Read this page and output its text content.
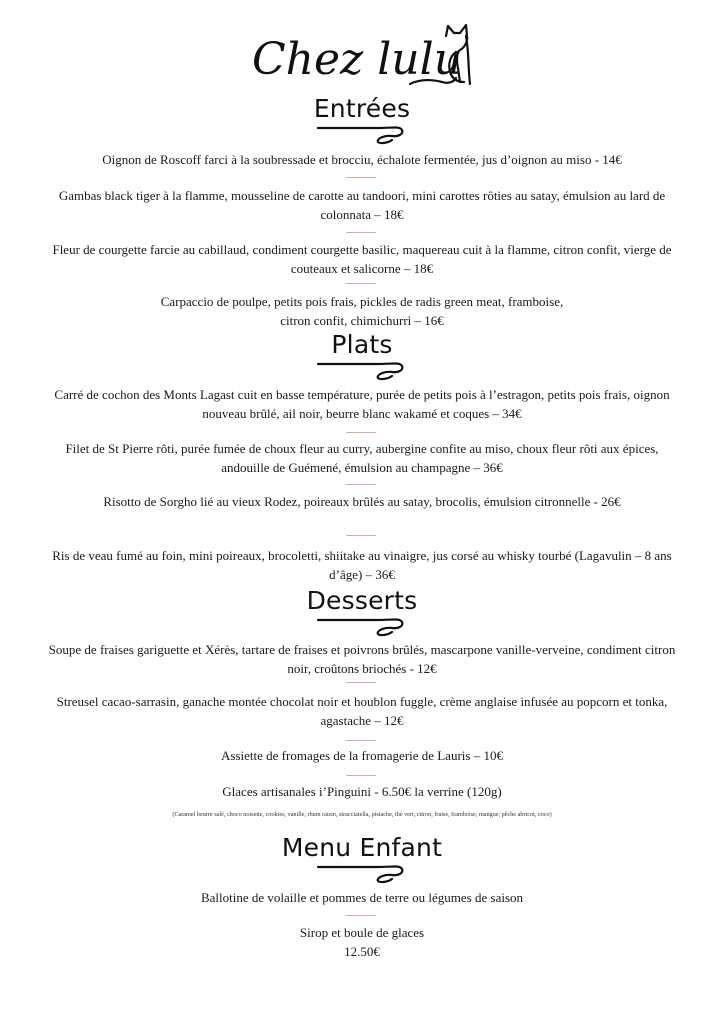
Chez lulu
Entrées
Oignon de Roscoff farci à la soubressade et brocciu, échalote fermentée, jus d’oignon au miso - 14€
Gambas black tiger à la flamme, mousseline de carotte au tandoori, mini carottes rôties au satay, émulsion au lard de colonnata – 18€
Fleur de courgette farcie au cabillaud, condiment courgette basilic, maquereau cuit à la flamme, citron confit, vierge de couteaux et salicorne – 18€
Carpaccio de poulpe, petits pois frais, pickles de radis green meat, framboise, citron confit, chimichurri – 16€
Plats
Carré de cochon des Monts Lagast cuit en basse température, purée de petits pois à l’estragon, petits pois frais, oignon nouveau brûlé, ail noir, beurre blanc wakamé et coques – 34€
Filet de St Pierre rôti, purée fumée de choux fleur au curry, aubergine confite au miso, choux fleur rôti aux épices, andouille de Guémené, émulsion au champagne – 36€
Risotto de Sorgho lié au vieux Rodez, poireaux brûlés au satay, brocolis, émulsion citronnelle - 26€
Ris de veau fumé au foin, mini poireaux, brocoletti, shiitake au vinaigre, jus corsé au whisky tourbé (Lagavulin – 8 ans d’âge) – 36€
Desserts
Soupe de fraises gariguette et Xérès, tartare de fraises et poivrons brûlés, mascarpone vanille-verveine, condiment citron noir, croûtons briochés - 12€
Streusel cacao-sarrasin, ganache montée chocolat noir et houblon fuggle, crème anglaise infusée au popcorn et tonka, agastache – 12€
Assiette de fromages de la fromagerie de Lauris – 10€
Glaces artisanales i’Pinguini - 6.50€ la verrine (120g)
(Caramel beurre salé, choco noisette, cookies, vanille, rhum raisin, stracciatella, pistache, thé vert, citron, fraise, framboise, mangue, pêche abricot, coco)
Menu Enfant
Ballotine de volaille et pommes de terre ou légumes de saison
Sirop et boule de glaces 12.50€
